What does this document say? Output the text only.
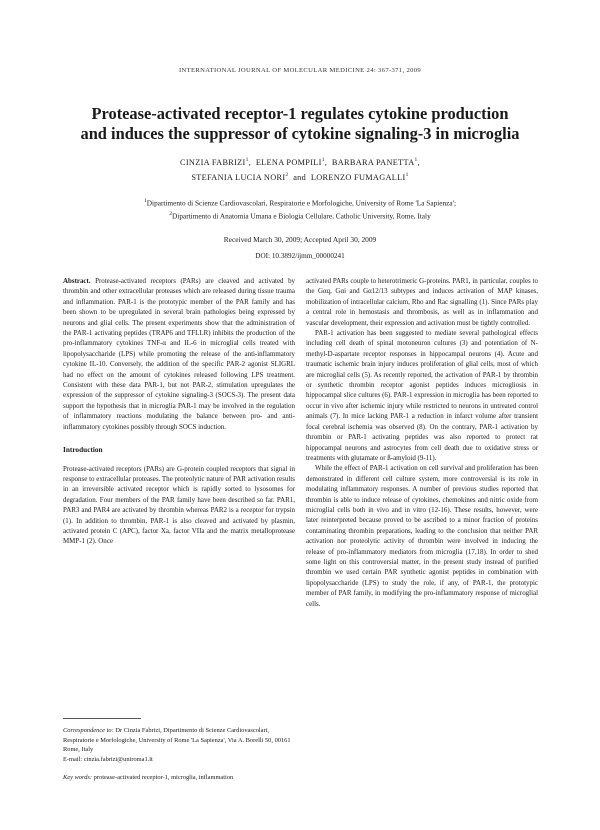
INTERNATIONAL JOURNAL OF MOLECULAR MEDICINE 24: 367-371, 2009
Protease-activated receptor-1 regulates cytokine production
and induces the suppressor of cytokine signaling-3 in microglia
CINZIA FABRIZI$^1$,  ELENA POMPILI$^1$,  BARBARA PANETTA$^1$,
STEFANIA LUCIA NORI$^2$ and LORENZO FUMAGALLI$^1$
$^1$Dipartimento di Scienze Cardiovascolari, Respiratorie e Morfologiche, University of Rome 'La Sapienza';
$^2$Dipartimento di Anatomia Umana e Biologia Cellulare, Catholic University, Rome, Italy
Received March 30, 2009; Accepted April 30, 2009
DOI: 10.3892/ijmm_00000241

Abstract. Protease-activated receptors (PARs) are cleaved and activated by thrombin and other extracellular proteases which are released during tissue trauma and inflammation. PAR-1 is the prototypic member of the PAR family and has been shown to be upregulated in several brain pathologies being expressed by neurons and glial cells. The present experiments show that the administration of the PAR-1 activating peptides (TRAP6 and TFLLR) inhibits the production of the pro-inflammatory cytokines TNF-α and IL-6 in microglial cells treated with lipopolysaccharide (LPS) while promoting the release of the anti-inflammatory cytokine IL-10. Conversely, the addition of the specific PAR-2 agonist SLIGRL had no effect on the amount of cytokines released following LPS treatment. Consistent with these data PAR-1, but not PAR-2, stimulation upregulates the expression of the suppressor of cytokine signaling-3 (SOCS-3). The present data support the hypothesis that in microglia PAR-1 may be involved in the regulation of inflammatory reactions modulating the balance between pro- and anti-inflammatory cytokines possibly through SOCS induction.

Introduction

Protease-activated receptors (PARs) are G-protein coupled receptors that signal in response to extracellular proteases. The proteolytic nature of PAR activation results in an irreversible activated receptor which is rapidly sorted to lysosomes for degradation. Four members of the PAR family have been described so far. PAR1, PAR3 and PAR4 are activated by thrombin whereas PAR2 is a receptor for trypsin (1). In addition to thrombin, PAR-1 is also cleaved and activated by plasmin, activated protein C (APC), factor Xa, factor VIIa and the matrix metalloprotease MMP-1 (2). Once

activated PARs couple to heterotrimeric G-proteins. PAR1, in particular, couples to the Gαq, Gαi and Gα12/13 subtypes and induces activation of MAP kinases, mobilization of intracellular calcium, Rho and Rac signalling (1). Since PARs play a central role in hemostasis and thrombosis, as well as in inflammation and vascular development, their expression and activation must be tightly controlled.

PAR-1 activation has been suggested to mediate several pathological effects including cell death of spinal motoneuron cultures (3) and potentiation of N-methyl-D-aspartate receptor responses in hippocampal neurons (4). Acute and traumatic ischemic brain injury induces proliferation of glial cells, most of which are microglial cells (5). As recently reported, the activation of PAR-1 by thrombin or synthetic thrombin receptor agonist peptides induces microgliosis in hippocampal slice cultures (6). PAR-1 expression in microglia has been reported to occur in vivo after ischemic injury while restricted to neurons in untreated control animals (7). In mice lacking PAR-1 a reduction in infarct volume after transient focal cerebral ischemia was observed (8). On the contrary, PAR-1 activation by thrombin or PAR-1 activating peptides was also reported to protect rat hippocampal neurons and astrocytes from cell death due to oxidative stress or treatments with glutamate or ß-amyloid (9-11).

While the effect of PAR-1 activation on cell survival and proliferation has been demonstrated in different cell culture system, more controversial is its role in modulating inflammatory responses. A number of previous studies reported that thrombin is able to induce release of cytokines, chemokines and nitric oxide from microglial cells both in vivo and in vitro (12-16). These results, however, were later reinterpreted because proved to be ascribed to a minor fraction of proteins contaminating thrombin preparations, leading to the conclusion that neither PAR activation nor proteolytic activity of thrombin were involved in inducing the release of pro-inflammatory mediators from microglia (17,18). In order to shed some light on this controversial matter, in the present study instead of purified thrombin we used certain PAR synthetic agonist peptides in combination with lipopolysaccharide (LPS) to study the role, if any, of PAR-1, the prototypic member of PAR family, in modifying the pro-inflammatory response of microglial cells.

Correspondence to: Dr Cinzia Fabrizi, Dipartimento di Scienze Cardiovascolari, Respiratorie e Morfologiche, University of Rome 'La Sapienza', Via A. Borelli 50, 00161 Rome, Italy

E-mail: cinzia.fabrizi@uniroma1.it

Key words: protease-activated receptor-1, microglia, inflammation
